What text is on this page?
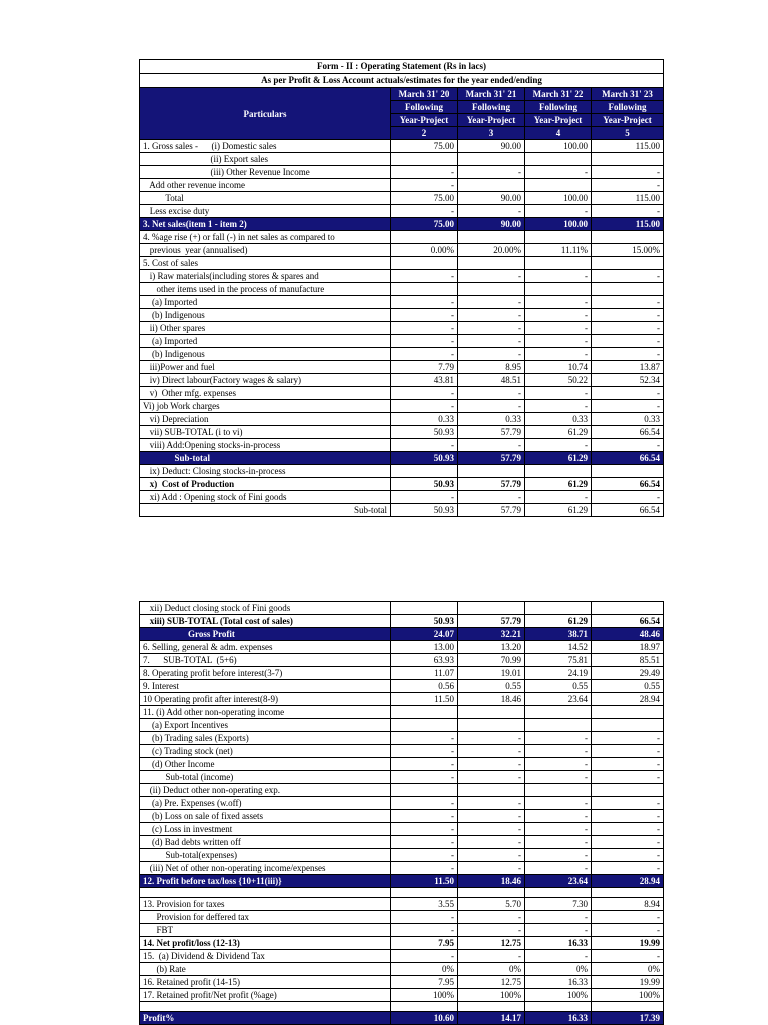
Form - II : Operating Statement (Rs in lacs)				
As per Profit & Loss Account actuals/estimates for the year ended/ending				
Particulars	March 31' 20	March 31' 21	March 31' 22	March 31' 23
	Following	Following	Following	Following
	Year-Project	Year-Project	Year-Project	Year-Project
	2	3	4	5
1. Gross sales -      (i) Domestic sales	75.00	90.00	100.00	115.00
(ii) Export sales				
(iii) Other Revenue Income	-	-	-	-
Add other revenue income	-			-
Total	75.00	90.00	100.00	115.00
Less excise duty	-	-	-	-
3. Net sales(item 1 - item 2)	75.00	90.00	100.00	115.00
4. %age rise (+) or fall (-) in net sales as compared to				
previous  year (annualised)	0.00%	20.00%	11.11%	15.00%
5. Cost of sales				
i) Raw materials(including stores & spares and	-	-	-	-
other items used in the process of manufacture				
(a) Imported	-	-	-	-
(b) Indigenous	-	-	-	-
ii) Other spares	-	-	-	-
(a) Imported	-	-	-	-
(b) Indigenous	-	-	-	-
iii)Power and fuel	7.79	8.95	10.74	13.87
iv) Direct labour(Factory wages & salary)	43.81	48.51	50.22	52.34
v)  Other mfg. expenses	-	-	-	-
Vi) job Work charges	-	-	-	-
vi) Depreciation	0.33	0.33	0.33	0.33
vii) SUB-TOTAL (i to vi)	50.93	57.79	61.29	66.54
viii) Add:Opening stocks-in-process	-	-	-	-
Sub-total	50.93	57.79	61.29	66.54
ix) Deduct: Closing stocks-in-process				
x)  Cost of Production	50.93	57.79	61.29	66.54
xi) Add : Opening stock of Fini goods	-	-	-	-
Sub-total	50.93	57.79	61.29	66.54
xii) Deduct closing stock of Fini goods				
xiii) SUB-TOTAL (Total cost of sales)	50.93	57.79	61.29	66.54
Gross Profit	24.07	32.21	38.71	48.46
6. Selling, general & adm. expenses	13.00	13.20	14.52	18.97
7.      SUB-TOTAL  (5+6)	63.93	70.99	75.81	85.51
8. Operating profit before interest(3-7)	11.07	19.01	24.19	29.49
9. Interest	0.56	0.55	0.55	0.55
10 Operating profit after interest(8-9)	11.50	18.46	23.64	28.94
11. (i) Add other non-operating income				
(a) Export Incentives				
(b) Trading sales (Exports)	-	-	-	-
(c) Trading stock (net)	-	-	-	-
(d) Other Income	-	-	-	-
Sub-total (income)	-	-	-	-
(ii) Deduct other non-operating exp.				
(a) Pre. Expenses (w.off)	-	-	-	-
(b) Loss on sale of fixed assets	-	-	-	-
(c) Loss in investment	-	-	-	-
(d) Bad debts written off	-	-	-	-
Sub-total(expenses)	-	-	-	-
(iii) Net of other non-operating income/expenses	-	-	-	-
12. Profit before tax/loss {10+11(iii)}	11.50	18.46	23.64	28.94

13. Provision for taxes	3.55	5.70	7.30	8.94
Provision for deffered tax	-	-	-	-
FBT	-	-	-	-
14. Net profit/loss (12-13)	7.95	12.75	16.33	19.99
15.  (a) Dividend & Dividend Tax	-	-	-	-
(b) Rate	0%	0%	0%	0%
16. Retained profit (14-15)	7.95	12.75	16.33	19.99
17. Retained profit/Net profit (%age)	100%	100%	100%	100%

Profit%	10.60	14.17	16.33	17.39
